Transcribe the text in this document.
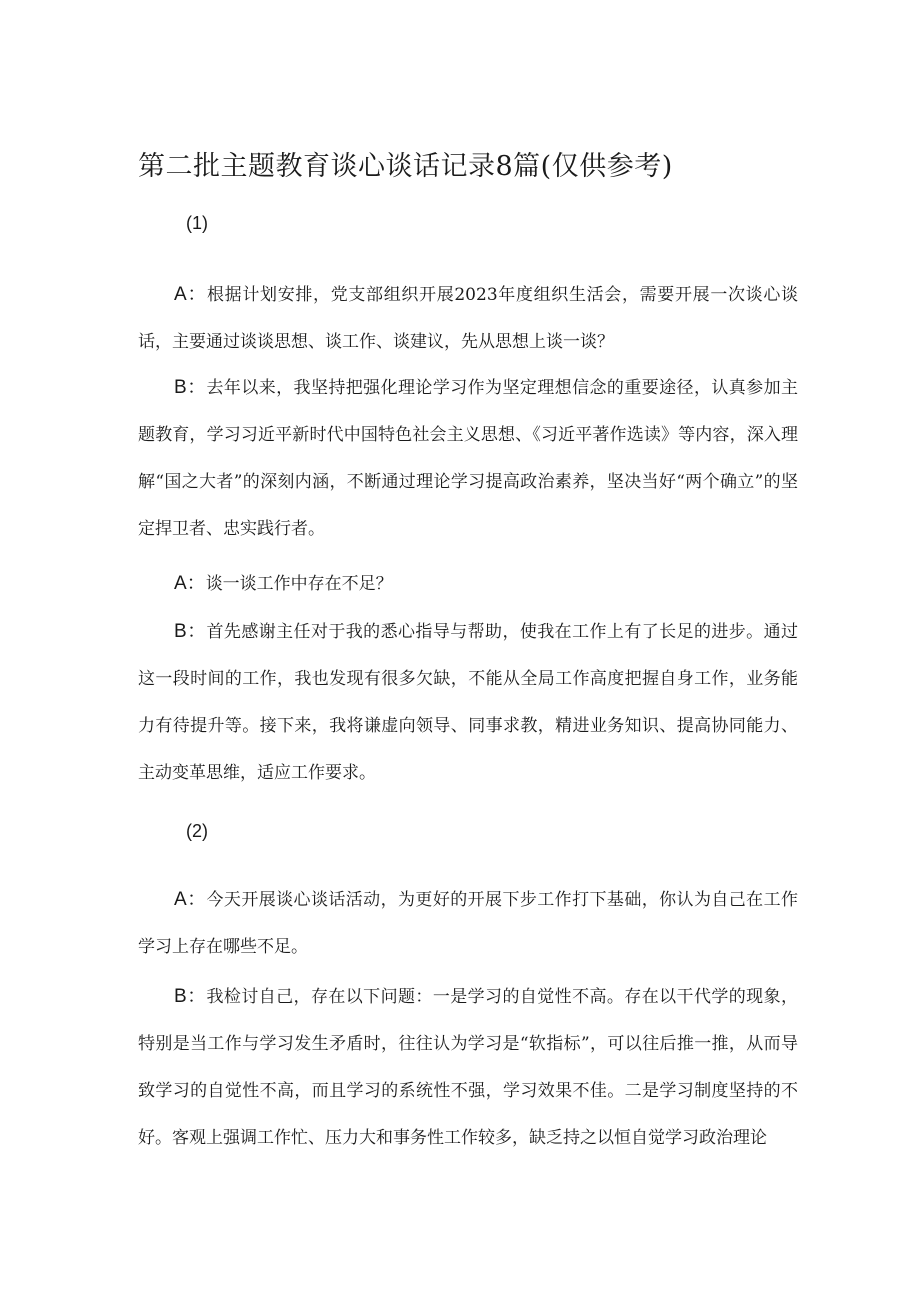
第二批主题教育谈心谈话记录8篇(仅供参考)
(1)

A：根据计划安排，党支部组织开展2023年度组织生活会，需要开展一次谈心谈话，主要通过谈谈思想、谈工作、谈建议，先从思想上谈一谈？

B：去年以来，我坚持把强化理论学习作为坚定理想信念的重要途径，认真参加主题教育，学习习近平新时代中国特色社会主义思想、《习近平著作选读》等内容，深入理解“国之大者”的深刻内涵，不断通过理论学习提高政治素养，坚决当好“两个确立”的坚定捍卫者、忠实践行者。

A：谈一谈工作中存在不足？

B：首先感谢主任对于我的悉心指导与帮助，使我在工作上有了长足的进步。通过这一段时间的工作，我也发现有很多欠缺，不能从全局工作高度把握自身工作，业务能力有待提升等。接下来，我将谦虚向领导、同事求教，精进业务知识、提高协同能力、主动变革思维，适应工作要求。

(2)

A：今天开展谈心谈话活动，为更好的开展下步工作打下基础，你认为自己在工作学习上存在哪些不足。

B：我检讨自己，存在以下问题：一是学习的自觉性不高。存在以干代学的现象，特别是当工作与学习发生矛盾时，往往认为学习是“软指标”，可以往后推一推，从而导致学习的自觉性不高，而且学习的系统性不强，学习效果不佳。二是学习制度坚持的不好。客观上强调工作忙、压力大和事务性工作较多，缺乏持之以恒自觉学习政治理论
